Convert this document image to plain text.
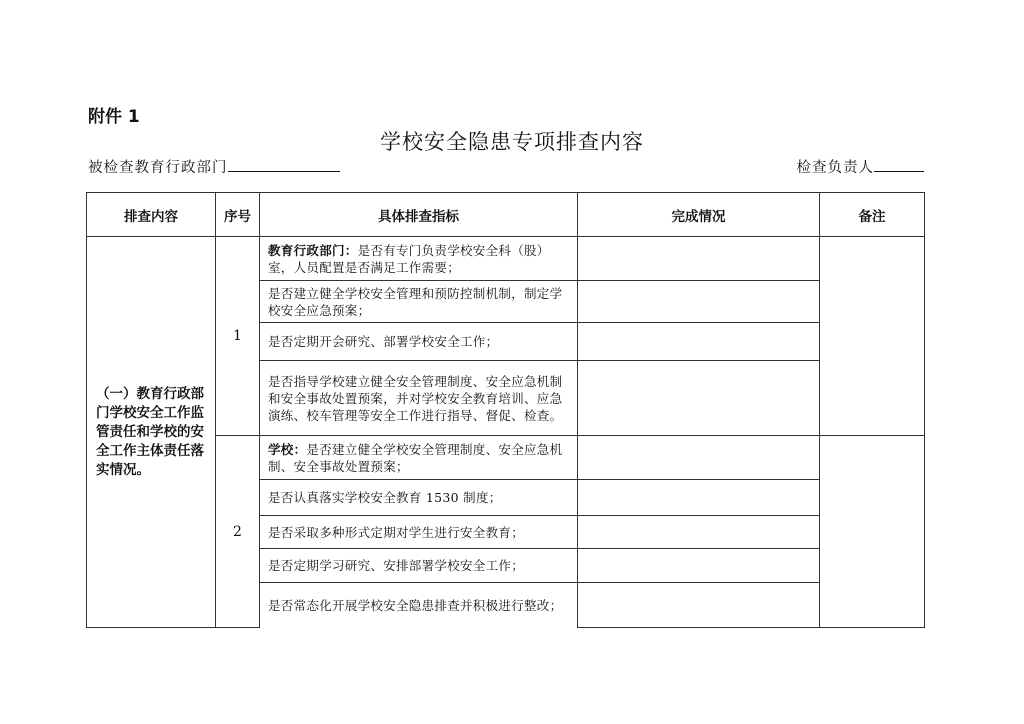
附件 1
学校安全隐患专项排查内容
被检查教育行政部门	检查负责人
排查内容	序号	具体排查指标	完成情况	备注
（一）教育行政部门学校安全工作监管责任和学校的安全工作主体责任落实情况。	1	教育行政部门：是否有专门负责学校安全科（股）室，人员配置是否满足工作需要；		
		是否建立健全学校安全管理和预防控制机制，制定学校安全应急预案；		
		是否定期开会研究、部署学校安全工作；		
		是否指导学校建立健全安全管理制度、安全应急机制和安全事故处置预案，并对学校安全教育培训、应急演练、校车管理等安全工作进行指导、督促、检查。		
	2	学校：是否建立健全学校安全管理制度、安全应急机制、安全事故处置预案；		
		是否认真落实学校安全教育 1530 制度；		
		是否采取多种形式定期对学生进行安全教育；		
		是否定期学习研究、安排部署学校安全工作；		
		是否常态化开展学校安全隐患排查并积极进行整改；		
